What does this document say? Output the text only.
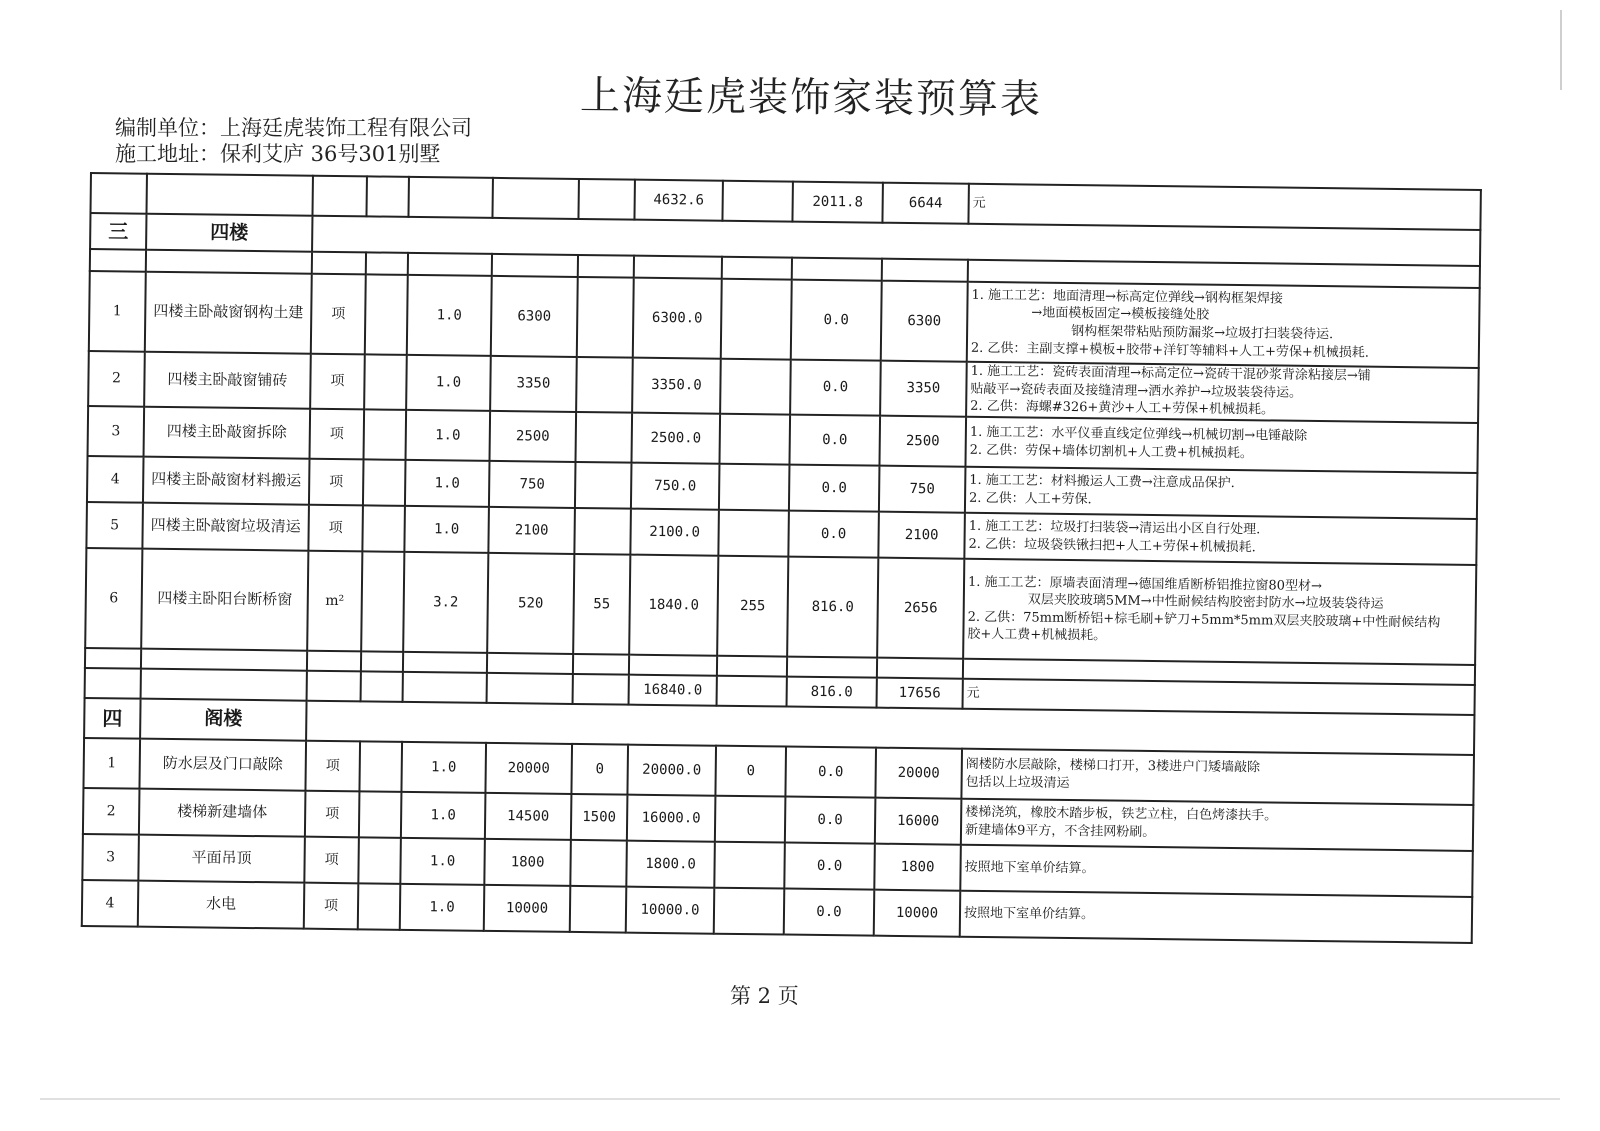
上海廷虎装饰家装预算表
编制单位：上海廷虎装饰工程有限公司
施工地址：保利艾庐 36号301别墅
							4632.6		2011.8	6644	元
三	四楼										

1	四楼主卧敲窗钢构土建	项		1.0	6300		6300.0		0.0	6300	1. 施工工艺：地面清理→标高定位弹线→钢构框架焊接
→地面模板固定→模板接缝处胶
钢构框架带粘贴预防漏浆→垃圾打扫装袋待运.
2. 乙供：主副支撑+模板+胶带+洋钉等辅料+人工+劳保+机械损耗.

2	四楼主卧敲窗铺砖	项		1.0	3350		3350.0		0.0	3350	1. 施工工艺：瓷砖表面清理→标高定位→瓷砖干混砂浆背涂粘接层→铺
贴敲平→瓷砖表面及接缝清理→洒水养护→垃圾装袋待运。
2. 乙供：海螺#326+黄沙+人工+劳保+机械损耗。

3	四楼主卧敲窗拆除	项		1.0	2500		2500.0		0.0	2500	1. 施工工艺：水平仪垂直线定位弹线→机械切割→电锤敲除
2. 乙供：劳保+墙体切割机+人工费+机械损耗。

4	四楼主卧敲窗材料搬运	项		1.0	750		750.0		0.0	750	1. 施工工艺：材料搬运人工费→注意成品保护.
2. 乙供：人工+劳保.

5	四楼主卧敲窗垃圾清运	项		1.0	2100		2100.0		0.0	2100	1. 施工工艺：垃圾打扫装袋→清运出小区自行处理.
2. 乙供：垃圾袋铁锹扫把+人工+劳保+机械损耗.

6	四楼主卧阳台断桥窗	m²		3.2	520	55	1840.0	255	816.0	2656	1. 施工工艺：原墙表面清理→德国维盾断桥铝推拉窗80型材→
双层夹胶玻璃5MM→中性耐候结构胶密封防水→垃圾装袋待运
2. 乙供：75mm断桥铝+棕毛刷+铲刀+5mm*5mm双层夹胶玻璃+中性耐候结构
胶+人工费+机械损耗。

							16840.0		816.0	17656	元
四	阁楼										
1	防水层及门口敲除	项		1.0	20000	0	20000.0	0	0.0	20000	阁楼防水层敲除，楼梯口打开，3楼进户门矮墙敲除
包括以上垃圾清运

2	楼梯新建墙体	项		1.0	14500	1500	16000.0		0.0	16000	楼梯浇筑，橡胶木踏步板，铁艺立柱，白色烤漆扶手。
新建墙体9平方，不含挂网粉刷。

3	平面吊顶	项		1.0	1800		1800.0		0.0	1800	按照地下室单价结算。

4	水电	项		1.0	10000		10000.0		0.0	10000	按照地下室单价结算。
第 2 页
